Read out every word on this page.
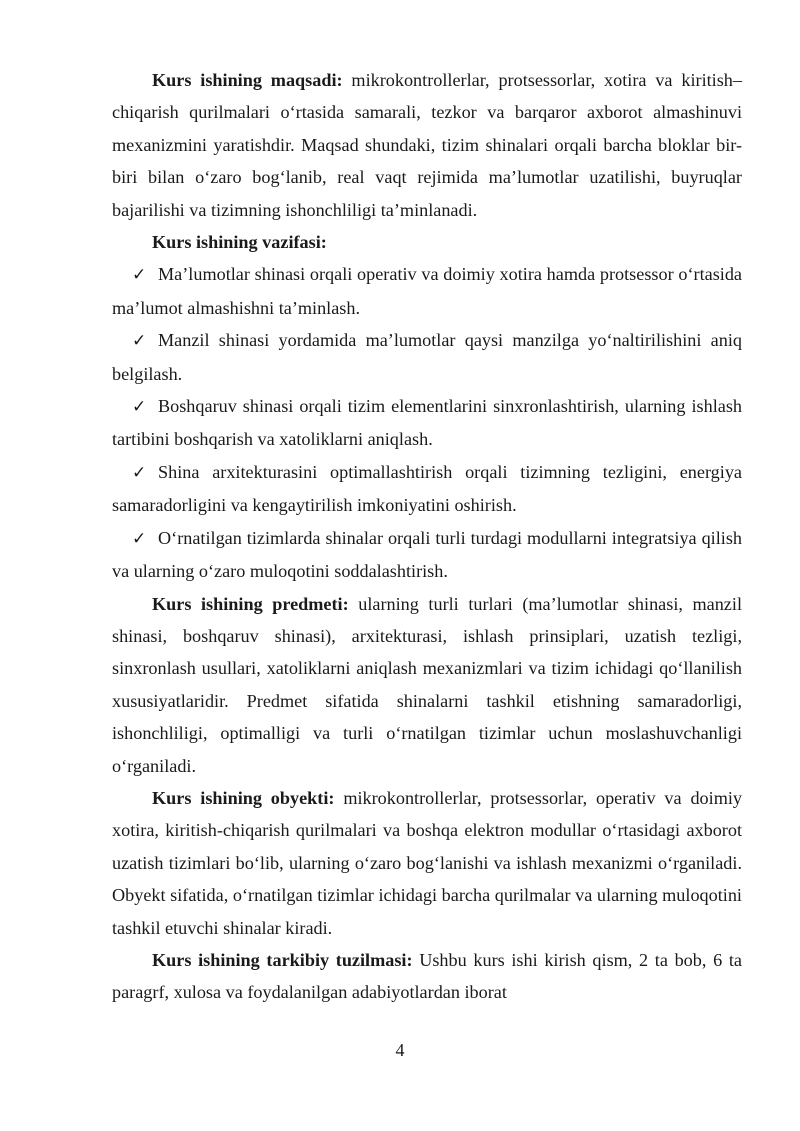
Kurs ishining maqsadi: mikrokontrollerlar, protsessorlar, xotira va kiritish–chiqarish qurilmalari o‘rtasida samarali, tezkor va barqaror axborot almashinuvi mexanizmini yaratishdir. Maqsad shundaki, tizim shinalari orqali barcha bloklar bir-biri bilan o‘zaro bog‘lanib, real vaqt rejimida ma’lumotlar uzatilishi, buyruqlar bajarilishi va tizimning ishonchliligi ta’minlanadi.

Kurs ishining vazifasi:

✓ Ma’lumotlar shinasi orqali operativ va doimiy xotira hamda protsessor o‘rtasida ma’lumot almashishni ta’minlash.

✓ Manzil shinasi yordamida ma’lumotlar qaysi manzilga yo‘naltirilishini aniq belgilash.

✓ Boshqaruv shinasi orqali tizim elementlarini sinxronlashtirish, ularning ishlash tartibini boshqarish va xatoliklarni aniqlash.

✓ Shina arxitekturasini optimallashtirish orqali tizimning tezligini, energiya samaradorligini va kengaytirilish imkoniyatini oshirish.

✓ O‘rnatilgan tizimlarda shinalar orqali turli turdagi modullarni integratsiya qilish va ularning o‘zaro muloqotini soddalashtirish.

Kurs ishining predmeti: ularning turli turlari (ma’lumotlar shinasi, manzil shinasi, boshqaruv shinasi), arxitekturasi, ishlash prinsiplari, uzatish tezligi, sinxronlash usullari, xatoliklarni aniqlash mexanizmlari va tizim ichidagi qo‘llanilish xususiyatlaridir. Predmet sifatida shinalarni tashkil etishning samaradorligi, ishonchliligi, optimalligi va turli o‘rnatilgan tizimlar uchun moslashuvchanligi o‘rganiladi.

Kurs ishining obyekti: mikrokontrollerlar, protsessorlar, operativ va doimiy xotira, kiritish-chiqarish qurilmalari va boshqa elektron modullar o‘rtasidagi axborot uzatish tizimlari bo‘lib, ularning o‘zaro bog‘lanishi va ishlash mexanizmi o‘rganiladi. Obyekt sifatida, o‘rnatilgan tizimlar ichidagi barcha qurilmalar va ularning muloqotini tashkil etuvchi shinalar kiradi.

Kurs ishining tarkibiy tuzilmasi: Ushbu kurs ishi kirish qism, 2 ta bob, 6 ta paragrf, xulosa va foydalanilgan adabiyotlardan iborat

4
